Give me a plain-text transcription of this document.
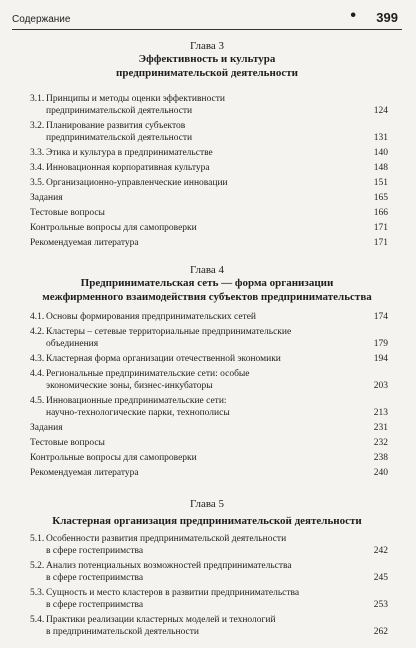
Содержание	• 399
Глава 3
Эффективность и культура
предпринимательской деятельности
3.1. Принципы и методы оценки эффективности
предпринимательской деятельности	124
3.2. Планирование развития субъектов
предпринимательской деятельности	131
3.3. Этика и культура в предпринимательстве	140
3.4. Инновационная корпоративная культура	148
3.5. Организационно-управленческие инновации	151
Задания	165
Тестовые вопросы	166
Контрольные вопросы для самопроверки	171
Рекомендуемая литература	171
Глава 4
Предпринимательская сеть — форма организации
межфирменного взаимодействия субъектов предпринимательства
4.1. Основы формирования предпринимательских сетей	174
4.2. Кластеры – сетевые территориальные предпринимательские
объединения	179
4.3. Кластерная форма организации отечественной экономики	194
4.4. Региональные предпринимательские сети: особые
экономические зоны, бизнес-инкубаторы	203
4.5. Инновационные предпринимательские сети:
научно-технологические парки, технополисы	213
Задания	231
Тестовые вопросы	232
Контрольные вопросы для самопроверки	238
Рекомендуемая литература	240
Глава 5
Кластерная организация предпринимательской деятельности
5.1. Особенности развития предпринимательской деятельности
в сфере гостеприимства	242
5.2. Анализ потенциальных возможностей предпринимательства
в сфере гостеприимства	245
5.3. Сущность и место кластеров в развитии предпринимательства
в сфере гостеприимства	253
5.4. Практики реализации кластерных моделей и технологий
в предпринимательской деятельности	262
